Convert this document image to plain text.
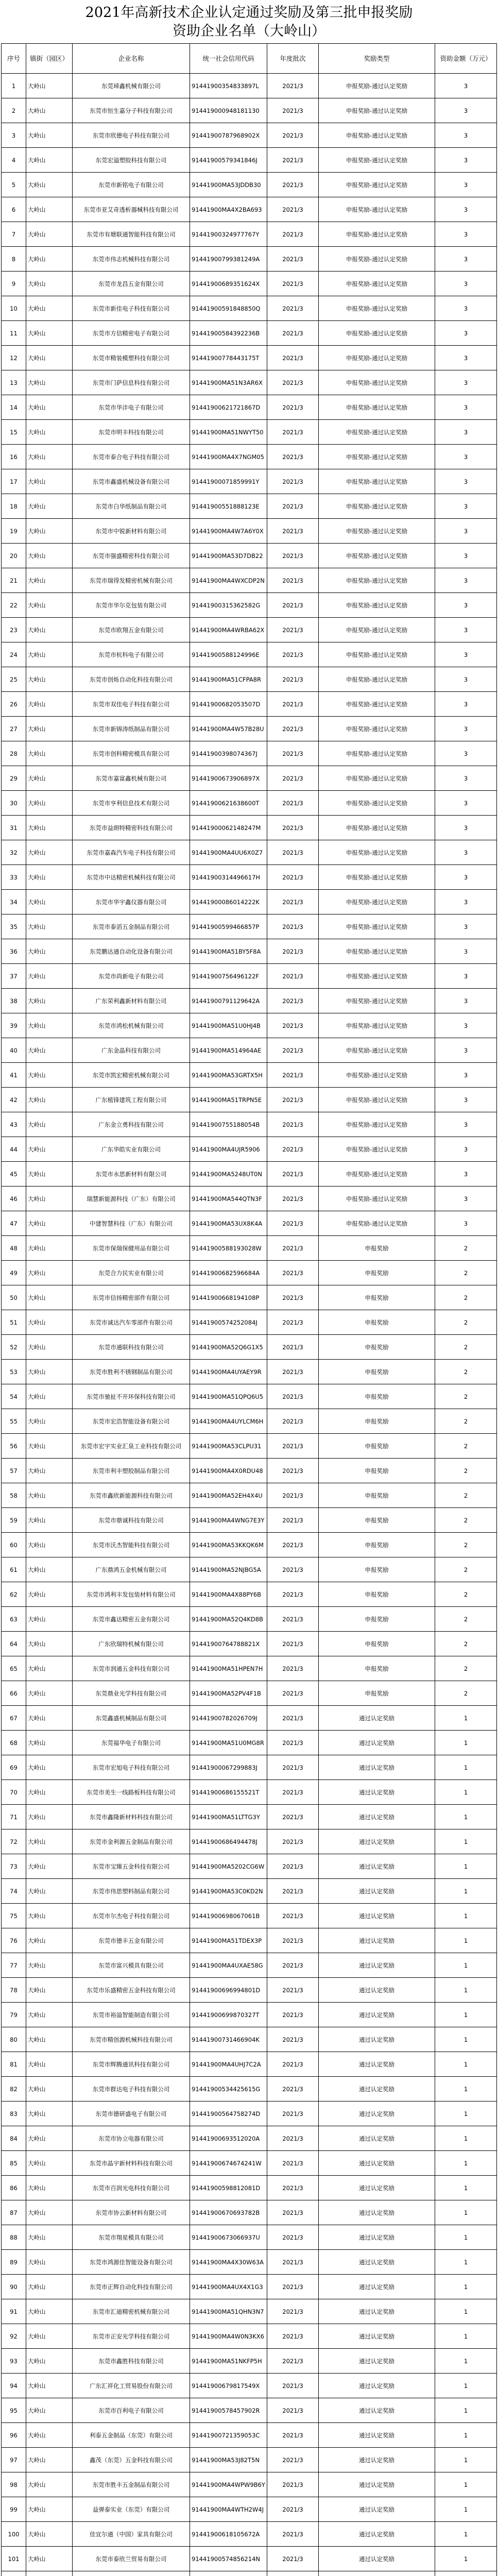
2021年高新技术企业认定通过奖励及第三批申报奖励
资助企业名单（大岭山）
序号	镇街（园区）	企业名称	统一社会信用代码	年度批次	奖励类型	资助金额（万元）
1	大岭山	东莞琸鑫机械有限公司	91441900354833897L	2021/3	申报奖励-通过认定奖励	3
2	大岭山	东莞市恒生嘉分子科技有限公司	914419000948181130	2021/3	申报奖励-通过认定奖励	3
3	大岭山	东莞市欣德电子科技有限公司	91441900787968902X	2021/3	申报奖励-通过认定奖励	3
4	大岭山	东莞宏溢塑胶科技有限公司	91441900579341846J	2021/3	申报奖励-通过认定奖励	3
5	大岭山	东莞市新铭电子有限公司	91441900MA53JDDB30	2021/3	申报奖励-通过认定奖励	3
6	大岭山	东莞市亚艾奇透析器械科技有限公司	91441900MA4X2BA693	2021/3	申报奖励-通过认定奖励	3
7	大岭山	东莞市有塘联通智能科技有限公司	91441900324977767Y	2021/3	申报奖励-通过认定奖励	3
8	大岭山	东莞市伟志机械科技有限公司	91441900799381249A	2021/3	申报奖励-通过认定奖励	3
9	大岭山	东莞市龙昌五金有限公司	91441900689351624X	2021/3	申报奖励-通过认定奖励	3
10	大岭山	东莞市新佳电子科技有限公司	91441900591848850Q	2021/3	申报奖励-通过认定奖励	3
11	大岭山	东莞市方信精密电子有限公司	91441900584392236B	2021/3	申报奖励-通过认定奖励	3
12	大岭山	东莞市精装模塑科技有限公司	91441900778443175T	2021/3	申报奖励-通过认定奖励	3
13	大岭山	东莞市门萨信息科技有限公司	91441900MA51N3AR6X	2021/3	申报奖励-通过认定奖励	3
14	大岭山	东莞市华沣电子有限公司	91441900621721867D	2021/3	申报奖励-通过认定奖励	3
15	大岭山	东莞市明丰科技有限公司	91441900MA51NWYT50	2021/3	申报奖励-通过认定奖励	3
16	大岭山	东莞市泰合电子科技有限公司	91441900MA4X7NGM05	2021/3	申报奖励-通过认定奖励	3
17	大岭山	东莞市鑫盛机械设备有限公司	91441900071859991Y	2021/3	申报奖励-通过认定奖励	3
18	大岭山	东莞市白华纸制品有限公司	91441900551888123E	2021/3	申报奖励-通过认定奖励	3
19	大岭山	东莞市中锐新材料有限公司	91441900MA4W7A6Y0X	2021/3	申报奖励-通过认定奖励	3
20	大岭山	东莞市强盛精密科技有限公司	91441900MA53D7DB22	2021/3	申报奖励-通过认定奖励	3
21	大岭山	东莞市瑞得发精密机械有限公司	91441900MA4WXCDP2N	2021/3	申报奖励-通过认定奖励	3
22	大岭山	东莞市华尔克包装有限公司	91441900315362582G	2021/3	申报奖励-通过认定奖励	3
23	大岭山	东莞市欧翔五金有限公司	91441900MA4WRBA62X	2021/3	申报奖励-通过认定奖励	3
24	大岭山	东莞市杭科电子有限公司	91441900588124996E	2021/3	申报奖励-通过认定奖励	3
25	大岭山	东莞市创烁自动化科技有限公司	91441900MA51CFPA8R	2021/3	申报奖励-通过认定奖励	3
26	大岭山	东莞市双佳电子科技有限公司	91441900682053507D	2021/3	申报奖励-通过认定奖励	3
27	大岭山	东莞市新锦涛纸制品有限公司	91441900MA4W57B28U	2021/3	申报奖励-通过认定奖励	3
28	大岭山	东莞市创科精密模具有限公司	91441900398074367J	2021/3	申报奖励-通过认定奖励	3
29	大岭山	东莞市嘉富鑫机械有限公司	91441900673906897X	2021/3	申报奖励-通过认定奖励	3
30	大岭山	东莞市亨利信息技术有限公司	91441900621638600T	2021/3	申报奖励-通过认定奖励	3
31	大岭山	东莞市益朗特精密科技有限公司	91441900062148247M	2021/3	申报奖励-通过认定奖励	3
32	大岭山	东莞市嘉森汽车电子科技有限公司	91441900MA4UU6X0Z7	2021/3	申报奖励-通过认定奖励	3
33	大岭山	东莞市中达精密机械科技有限公司	91441900314496617H	2021/3	申报奖励-通过认定奖励	3
34	大岭山	东莞市华宇鑫仪器有限公司	91441900086014222K	2021/3	申报奖励-通过认定奖励	3
35	大岭山	东莞市泰滔五金制品有限公司	91441900599466857P	2021/3	申报奖励-通过认定奖励	3
36	大岭山	东莞鹏达通自动化设备有限公司	91441900MA51BY5F8A	2021/3	申报奖励-通过认定奖励	3
37	大岭山	东莞市尚新电子有限公司	91441900756496122F	2021/3	申报奖励-通过认定奖励	3
38	大岭山	广东荣利鑫新材料有限公司	91441900791129642A	2021/3	申报奖励-通过认定奖励	3
39	大岭山	东莞市鸿松机械有限公司	91441900MA51U0HJ4B	2021/3	申报奖励-通过认定奖励	3
40	大岭山	广东金晶科技有限公司	91441900MA514964AE	2021/3	申报奖励-通过认定奖励	3
41	大岭山	东莞市凯宏精密机械有限公司	91441900MA53GRTX5H	2021/3	申报奖励-通过认定奖励	3
42	大岭山	广东植锋建筑工程有限公司	91441900MA51TRPN5E	2021/3	申报奖励-通过认定奖励	3
43	大岭山	广东金立勇科技有限公司	91441900755188054B	2021/3	申报奖励-通过认定奖励	3
44	大岭山	广东华皓实业有限公司	91441900MA4UJR5906	2021/3	申报奖励-通过认定奖励	3
45	大岭山	东莞市永思新材料有限公司	91441900MA5248UT0N	2021/3	申报奖励-通过认定奖励	3
46	大岭山	瑞慧新能源科技（广东）有限公司	91441900MA544QTN3F	2021/3	申报奖励-通过认定奖励	3
47	大岭山	中建智慧科技（广东）有限公司	91441900MA53UX8K4A	2021/3	申报奖励-通过认定奖励	3
48	大岭山	东莞市保瑞保健用品有限公司	91441900588193028W	2021/3	申报奖励	2
49	大岭山	东莞合力民实业有限公司	91441900682596684A	2021/3	申报奖励	2
50	大岭山	东莞市信扬精密部件有限公司	91441900668194108P	2021/3	申报奖励	2
51	大岭山	东莞市诚达汽车零部件有限公司	91441900574252084J	2021/3	申报奖励	2
52	大岭山	东莞市通联科技有限公司	91441900MA52Q6G1X5	2021/3	申报奖励	2
53	大岭山	东莞市胜利不锈钢制品有限公司	91441900MA4UYAEY9R	2021/3	申报奖励	2
54	大岭山	东莞市驰扯不开环保科技有限公司	91441900MA51QPQ6U5	2021/3	申报奖励	2
55	大岭山	东莞市宏浩智能设备有限公司	91441900MA4UYLCM6H	2021/3	申报奖励	2
56	大岭山	东莞市宏宇实业汇泉工业科技有限公司	91441900MA53CLPU31	2021/3	申报奖励	2
57	大岭山	东莞市利丰塑胶制品有限公司	91441900MA4X0RDU48	2021/3	申报奖励	2
58	大岭山	东莞市鑫欣新能源科技有限公司	91441900MA52EH4X4U	2021/3	申报奖励	2
59	大岭山	东莞市鼎诚科技有限公司	91441900MA4WNG7E3Y	2021/3	申报奖励	2
60	大岭山	东莞市沃杰智能科技有限公司	91441900MA53KKQK6M	2021/3	申报奖励	2
61	大岭山	广东鼎鸿五金机械有限公司	91441900MA52NJBG5A	2021/3	申报奖励	2
62	大岭山	东莞市鸿利丰发包装材料有限公司	91441900MA4X88PY6B	2021/3	申报奖励	2
63	大岭山	东莞市鑫达精密五金有限公司	91441900MA52Q4KD8B	2021/3	申报奖励	2
64	大岭山	广东欣瑞特机械有限公司	91441900764788821X	2021/3	申报奖励	2
65	大岭山	东莞市润通五金科技有限公司	91441900MA51HPEN7H	2021/3	申报奖励	2
66	大岭山	东莞鼎业光学科技有限公司	91441900MA52PV4F1B	2021/3	申报奖励	2
67	大岭山	东莞鑫盛机械制品有限公司	91441900782026709J	2021/3	通过认定奖励	1
68	大岭山	东莞福华电子有限公司	91441900MA51U0MG8R	2021/3	通过认定奖励	1
69	大岭山	东莞市宏旭电子科技有限公司	91441900067299883J	2021/3	通过认定奖励	1
70	大岭山	东莞市美生一线路板科技有限公司	91441900686155521T	2021/3	通过认定奖励	1
71	大岭山	东莞市鑫隆新材料科技有限公司	91441900MA51LTTG3Y	2021/3	通过认定奖励	1
72	大岭山	东莞市金利源五金制品有限公司	91441900686494478J	2021/3	通过认定奖励	1
73	大岭山	东莞市宝臻五金科技有限公司	91441900MA5202CG6W	2021/3	通过认定奖励	1
74	大岭山	东莞市伟思塑料制品有限公司	91441900MA53C0KD2N	2021/3	通过认定奖励	1
75	大岭山	东莞市尔杰电子科技有限公司	91441900698067061B	2021/3	通过认定奖励	1
76	大岭山	东莞市德丰五金有限公司	91441900MA51TDEX3P	2021/3	通过认定奖励	1
77	大岭山	东莞市富兴模具有限公司	91441900MA4UXAE58G	2021/3	通过认定奖励	1
78	大岭山	东莞市乐盛精密五金科技有限公司	91441900696994801D	2021/3	通过认定奖励	1
79	大岭山	东莞市裕溢智能制造有限公司	91441900699870327T	2021/3	通过认定奖励	1
80	大岭山	东莞市精创源机械科技有限公司	91441900731466904K	2021/3	通过认定奖励	1
81	大岭山	东莞市辉腾通讯科技有限公司	91441900MA4UHJ7C2A	2021/3	通过认定奖励	1
82	大岭山	东莞市群达电子科技有限公司	91441900534425615G	2021/3	通过认定奖励	1
83	大岭山	东莞市德研盛电子有限公司	91441900564758274D	2021/3	通过认定奖励	1
84	大岭山	东莞市协立电器有限公司	91441900693512020A	2021/3	通过认定奖励	1
85	大岭山	东莞市晶宇新材料科技有限公司	91441900674674241W	2021/3	通过认定奖励	1
86	大岭山	东莞市百润光电科技有限公司	91441900598812081D	2021/3	通过认定奖励	1
87	大岭山	东莞市协云新材料有限公司	91441900670693782B	2021/3	通过认定奖励	1
88	大岭山	东莞市翔星模具有限公司	91441900673066937U	2021/3	通过认定奖励	1
89	大岭山	东莞市鸿源佳智能设备有限公司	91441900MA4X30W63A	2021/3	通过认定奖励	1
90	大岭山	东莞市正辉自动化科技有限公司	91441900MA4UX4X1G3	2021/3	通过认定奖励	1
91	大岭山	东莞市汇迪精密机械有限公司	91441900MA51QHN3N7	2021/3	通过认定奖励	1
92	大岭山	东莞市正安光学科技有限公司	91441900MA4W0N3KX6	2021/3	通过认定奖励	1
93	大岭山	东莞市鑫胜科技有限公司	91441900MA51NKFP5H	2021/3	通过认定奖励	1
94	大岭山	广东汇祥化工贸易股份有限公司	91441900679817549X	2021/3	通过认定奖励	1
95	大岭山	东莞市百利电子有限公司	91441900578457902R	2021/3	通过认定奖励	1
96	大岭山	利泰五金制品（东莞）有限公司	91441900721359053C	2021/3	通过认定奖励	1
97	大岭山	鑫茂（东莞）五金科技有限公司	91441900MA53J82T5N	2021/3	通过认定奖励	1
98	大岭山	东莞市胜丰五金制品有限公司	91441900MA4WPW9B6Y	2021/3	通过认定奖励	1
99	大岭山	益弹泰实业（东莞）有限公司	91441900MA4WTH2W4J	2021/3	通过认定奖励	1
100	大岭山	佳宜尔通（中国）家具有限公司	91441900618105672A	2021/3	通过认定奖励	1
101	大岭山	东莞市泰欣兰贸易有限公司	91441900574856214N	2021/3	通过认定奖励	1
